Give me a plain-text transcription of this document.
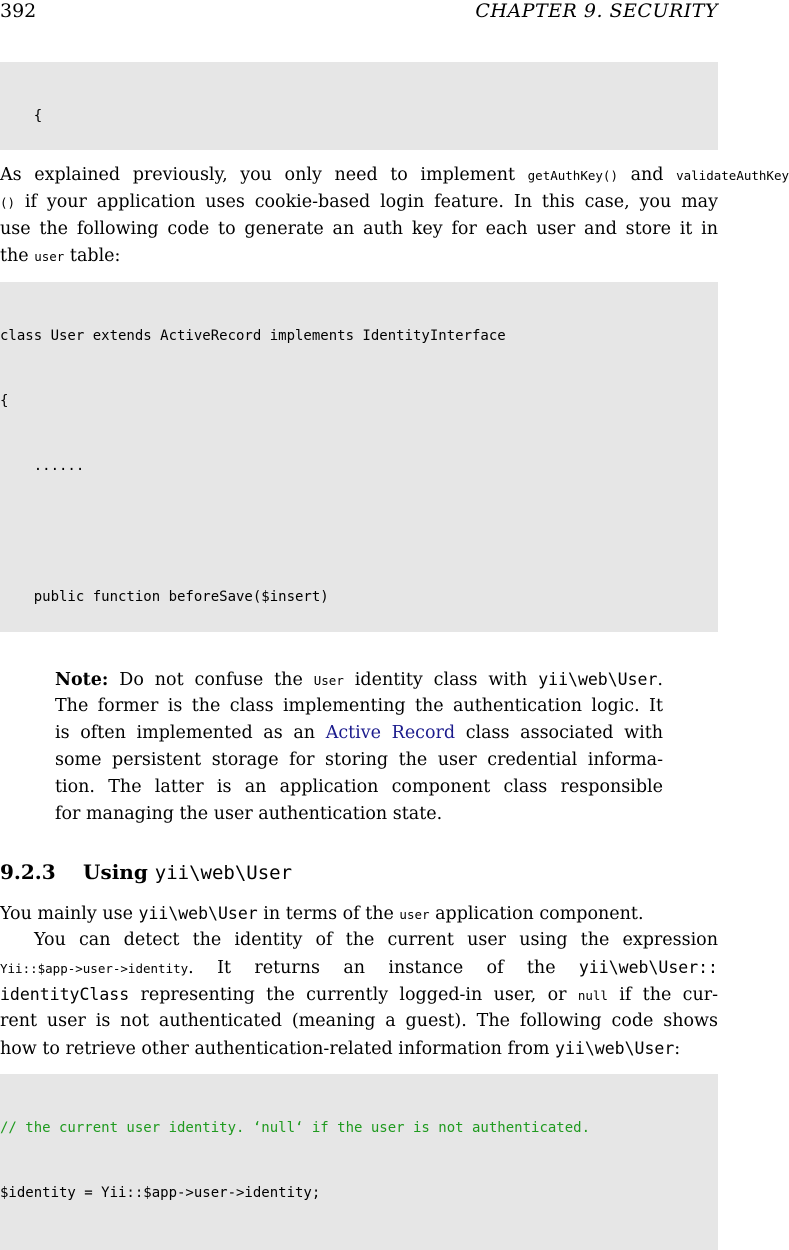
392	CHAPTER 9. SECURITY

{

As explained previously, you only need to implement getAuthKey() and validateAuthKey
() if your application uses cookie-based login feature. In this case, you may
use the following code to generate an auth key for each user and store it in
the user table:

class User extends ActiveRecord implements IdentityInterface

{

......

public function beforeSave($insert)

Note: Do not confuse the User identity class with yii\web\User.
The former is the class implementing the authentication logic. It
is often implemented as an Active Record class associated with
some persistent storage for storing the user credential informa-
tion. The latter is an application component class responsible
for managing the user authentication state.
9.2.3 Using yii\web\User
You mainly use yii\web\User in terms of the user application component.
You can detect the identity of the current user using the expression
Yii::$app->user->identity. It returns an instance of the yii\web\User::
identityClass representing the currently logged-in user, or null if the cur-
rent user is not authenticated (meaning a guest). The following code shows
how to retrieve other authentication-related information from yii\web\User:

// the current user identity. ‘null‘ if the user is not authenticated.

$identity = Yii::$app->user->identity;
